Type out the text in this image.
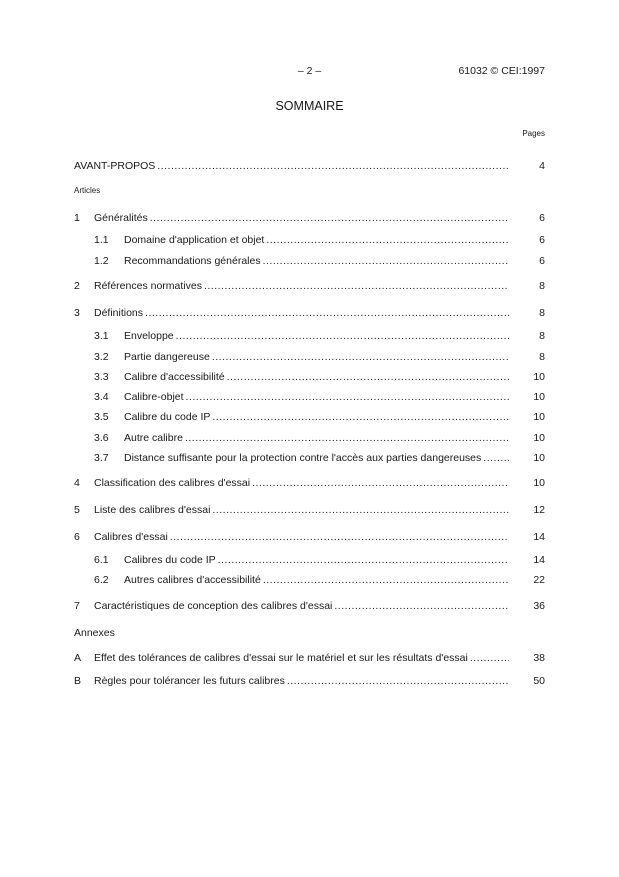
– 2 –	61032 © CEI:1997
SOMMAIRE
Pages
AVANT-PROPOS .....	4
Articles
1	Généralités .....	6
1.1	Domaine d'application et objet .....	6
1.2	Recommandations générales .....	6
2	Références normatives .....	8
3	Définitions .....	8
3.1	Enveloppe .....	8
3.2	Partie dangereuse .....	8
3.3	Calibre d'accessibilité .....	10
3.4	Calibre-objet .....	10
3.5	Calibre du code IP .....	10
3.6	Autre calibre .....	10
3.7	Distance suffisante pour la protection contre l'accès aux parties dangereuses .....	10
4	Classification des calibres d'essai .....	10
5	Liste des calibres d'essai .....	12
6	Calibres d'essai .....	14
6.1	Calibres du code IP .....	14
6.2	Autres calibres d'accessibilité .....	22
7	Caractéristiques de conception des calibres d'essai .....	36
Annexes
A	Effet des tolérances de calibres d'essai sur le matériel et sur les résultats d'essai .....	38
B	Règles pour tolérancer les futurs calibres .....	50
